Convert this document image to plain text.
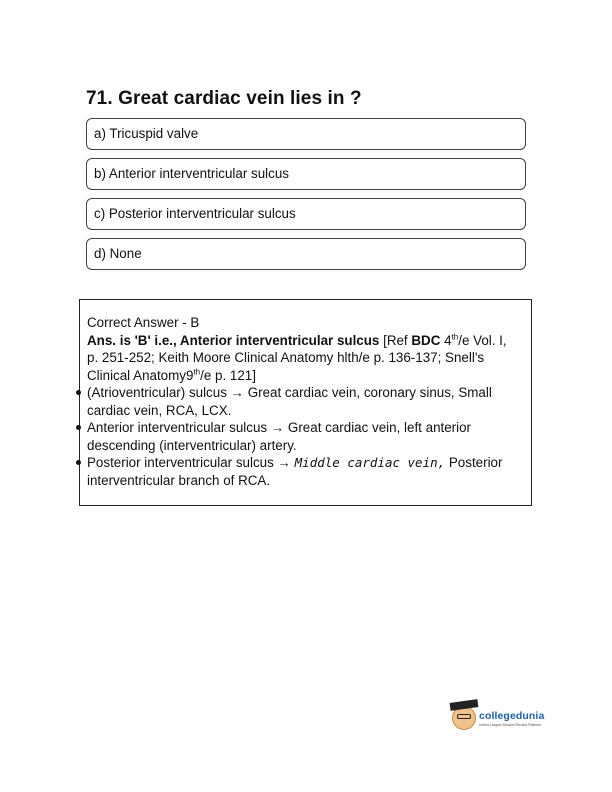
71. Great cardiac vein lies in ?
a) Tricuspid valve
b) Anterior interventricular sulcus
c) Posterior interventricular sulcus
d) None

Correct Answer - B

Ans. is 'B' i.e., Anterior interventricular sulcus [Ref BDC 4th/e Vol. I, p. 251-252; Keith Moore Clinical Anatomy hlth/e p. 136-137; Snell's Clinical Anatomy9th/e p. 121]

(Atrioventricular) sulcus → Great cardiac vein, coronary sinus, Small cardiac vein, RCA, LCX.
Anterior interventricular sulcus → Great cardiac vein, left anterior descending (interventricular) artery.
Posterior interventricular sulcus → Middle cardiac vein, Posterior interventricular branch of RCA.
collegedunia
India's Largest Student Review Platform
